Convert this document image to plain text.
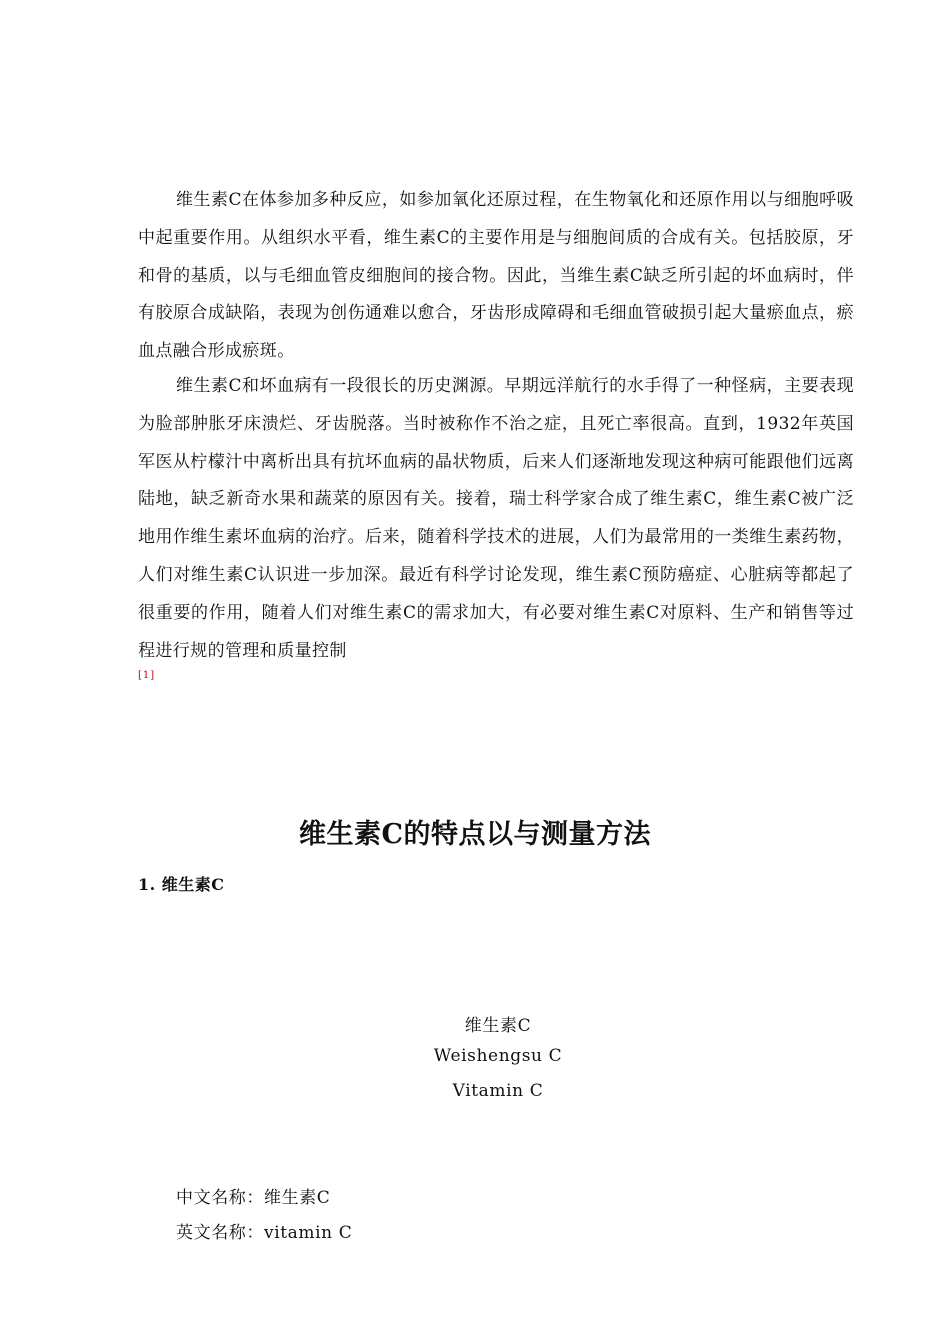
维生素C在体参加多种反应，如参加氧化还原过程，在生物氧化和还原作用以与细胞呼吸中起重要作用。从组织水平看，维生素C的主要作用是与细胞间质的合成有关。包括胶原，牙和骨的基质，以与毛细血管皮细胞间的接合物。因此，当维生素C缺乏所引起的坏血病时，伴有胶原合成缺陷，表现为创伤通难以愈合，牙齿形成障碍和毛细血管破损引起大量瘀血点，瘀血点融合形成瘀斑。

维生素C和坏血病有一段很长的历史渊源。早期远洋航行的水手得了一种怪病，主要表现为脸部肿胀牙床溃烂、牙齿脱落。当时被称作不治之症，且死亡率很高。直到，1932年英国军医从柠檬汁中离析出具有抗坏血病的晶状物质，后来人们逐渐地发现这种病可能跟他们远离陆地，缺乏新奇水果和蔬菜的原因有关。接着，瑞士科学家合成了维生素C，维生素C被广泛地用作维生素坏血病的治疗。后来，随着科学技术的进展，人们为最常用的一类维生素药物，人们对维生素C认识进一步加深。最近有科学讨论发现，维生素C预防癌症、心脏病等都起了很重要的作用，随着人们对维生素C的需求加大，有必要对维生素C对原料、生产和销售等过程进行规的管理和质量控制

[1]
维生素C的特点以与测量方法
1. 维生素C
维生素C
Weishengsu C
Vitamin C
中文名称：维生素C
英文名称：vitamin C
